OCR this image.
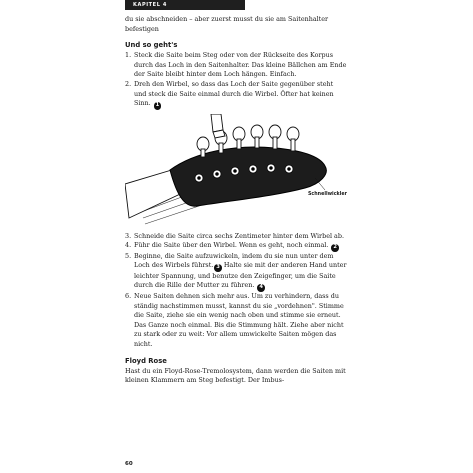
KAPITEL 4

du sie abschneiden – aber zuerst musst du sie am Saitenhalter befestigen

Und so geht's
1. Steck die Saite beim Steg oder von der Rückseite des Korpus durch das Loch in den Saitenhalter. Das kleine Bällchen am Ende der Saite bleibt hinter dem Loch hängen. Einfach.
2. Dreh den Wirbel, so dass das Loch der Saite gegenüber steht und steck die Saite einmal durch die Wirbel. Öfter hat keinen Sinn. 1
Schnellwickler
3. Schneide die Saite circa sechs Zentimeter hinter dem Wirbel ab.
4. Führ die Saite über den Wirbel. Wenn es geht, noch einmal. 2
5. Beginne, die Saite aufzuwickeln, indem du sie nun unter dem Loch des Wirbels führst. 3 Halte sie mit der anderen Hand unter leichter Spannung, und benutze den Zeigefinger, um die Saite durch die Rille der Mutter zu führen. 4
6. Neue Saiten dehnen sich mehr aus. Um zu verhindern, dass du ständig nachstimmen musst, kannst du sie „vordehnen". Stimme die Saite, ziehe sie ein wenig nach oben und stimme sie erneut. Das Ganze noch einmal. Bis die Stimmung hält. Ziehe aber nicht zu stark oder zu weit: Vor allem umwickelte Saiten mögen das nicht.
Floyd Rose

Hast du ein Floyd-Rose-Tremolosystem, dann werden die Saiten mit kleinen Klammern am Steg befestigt. Der Imbus-

60
